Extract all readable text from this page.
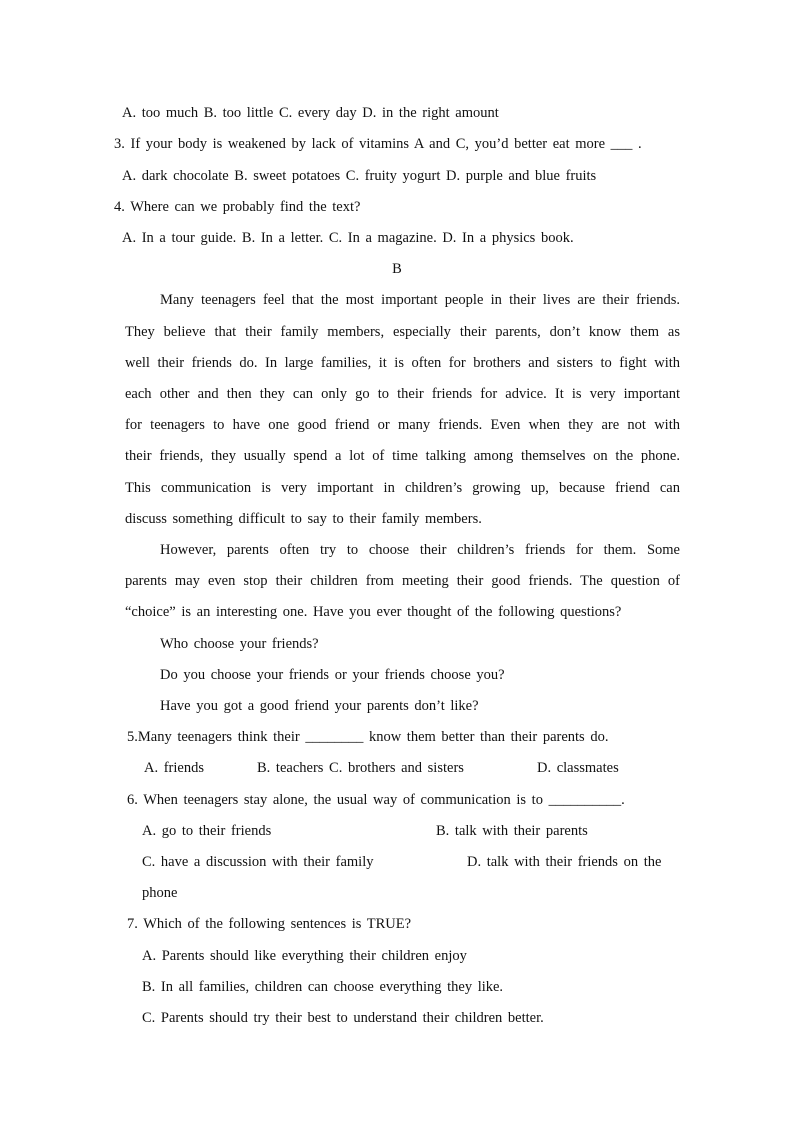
A. too much B. too little C. every day D. in the right amount
3. If your body is weakened by lack of vitamins A and C, you’d better eat more ___ .
A. dark chocolate B. sweet potatoes C. fruity yogurt D. purple and blue fruits
4. Where can we probably find the text?
A. In a tour guide. B. In a letter. C. In a magazine. D. In a physics book.
B
Many teenagers feel that the most important people in their lives are their friends.
They believe that their family members, especially their parents, don’t know them as
well their friends do. In large families, it is often for brothers and sisters to fight with
each other and then they can only go to their friends for advice. It is very important
for teenagers to have one good friend or many friends. Even when they are not with
their friends, they usually spend a lot of time talking among themselves on the phone.
This communication is very important in children’s growing up, because friend can
discuss something difficult to say to their family members.
However, parents often try to choose their children’s friends for them. Some
parents may even stop their children from meeting their good friends. The question of
“choice” is an interesting one. Have you ever thought of the following questions?
Who choose your friends?
Do you choose your friends or your friends choose you?
Have you got a good friend your parents don’t like?
5.Many teenagers think their ________ know them better than their parents do.
A. friends	B. teachers C. brothers and sisters	D. classmates
6. When teenagers stay alone, the usual way of communication is to __________.
A. go to their friends	B. talk with their parents
C. have a discussion with their family	D. talk with their friends on the
phone
7. Which of the following sentences is TRUE?
A. Parents should like everything their children enjoy
B. In all families, children can choose everything they like.
C. Parents should try their best to understand their children better.
